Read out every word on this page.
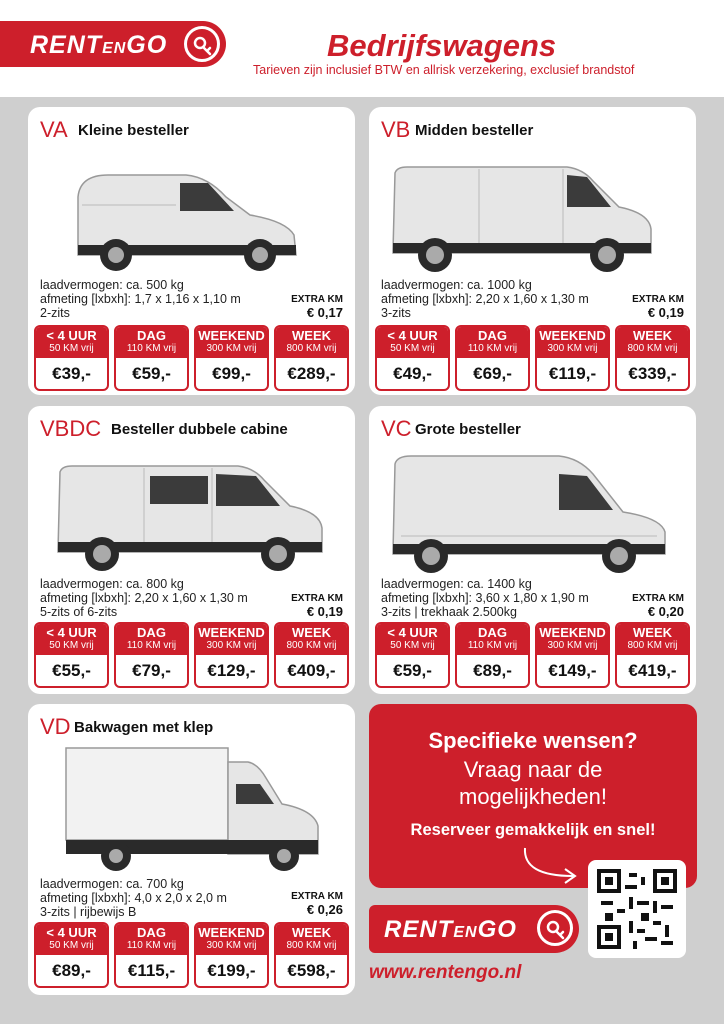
RENTENGO	Bedrijfswagens
Tarieven zijn inclusief BTW en allrisk verzekering, exclusief brandstof
VA Kleine besteller
laadvermogen: ca. 500 kg
afmeting [lxbxh]: 1,7 x 1,16 x 1,10 m
2-zits
EXTRA KM
€ 0,17
< 4 UUR
50 KM vrij
€39,-
DAG
110 KM vrij
€59,-
WEEKEND
300 KM vrij
€99,-
WEEK
800 KM vrij
€289,-
VB Midden besteller
laadvermogen: ca. 1000 kg
afmeting [lxbxh]: 2,20 x 1,60 x 1,30 m
3-zits
EXTRA KM
€ 0,19
< 4 UUR
50 KM vrij
€49,-
DAG
110 KM vrij
€69,-
WEEKEND
300 KM vrij
€119,-
WEEK
800 KM vrij
€339,-
VBDC Besteller dubbele cabine
laadvermogen: ca. 800 kg
afmeting [lxbxh]: 2,20 x 1,60 x 1,30 m
5-zits of 6-zits
EXTRA KM
€ 0,19
< 4 UUR
50 KM vrij
€55,-
DAG
110 KM vrij
€79,-
WEEKEND
300 KM vrij
€129,-
WEEK
800 KM vrij
€409,-
VC Grote besteller
laadvermogen: ca. 1400 kg
afmeting [lxbxh]: 3,60 x 1,80 x 1,90 m
3-zits | trekhaak 2.500kg
EXTRA KM
€ 0,20
< 4 UUR
50 KM vrij
€59,-
DAG
110 KM vrij
€89,-
WEEKEND
300 KM vrij
€149,-
WEEK
800 KM vrij
€419,-
VD Bakwagen met klep
laadvermogen: ca. 700 kg
afmeting [lxbxh]: 4,0 x 2,0 x 2,0 m
3-zits | rijbewijs B
EXTRA KM
€ 0,26
< 4 UUR
50 KM vrij
€89,-
DAG
110 KM vrij
€115,-
WEEKEND
300 KM vrij
€199,-
WEEK
800 KM vrij
€598,-
Specifieke wensen?
Vraag naar de
mogelijkheden!
Reserveer gemakkelijk en snel!
RENTENGO
www.rentengo.nl
